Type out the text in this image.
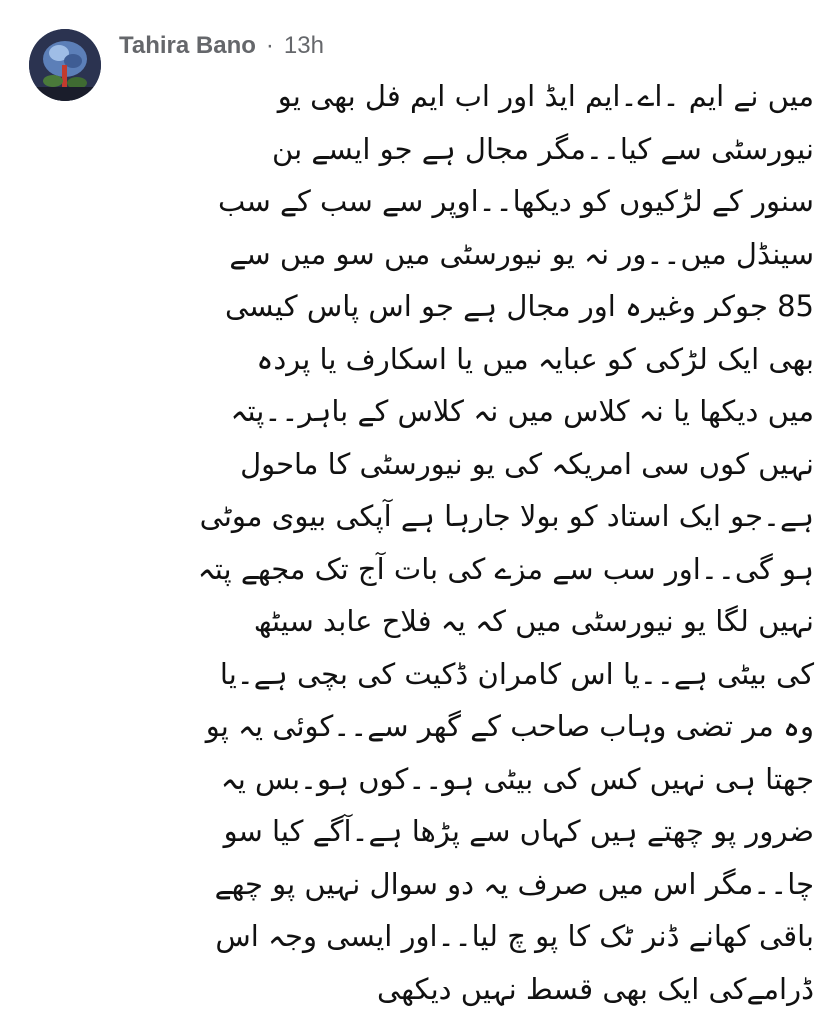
Tahira Bano · 13h
میں نے ایم ۔اے۔ایم ایڈ اور اب ایم فل بھی یو
نیورسٹی سے کیا۔۔مگر مجال ہے جو ایسے بن
سنور کے لڑکیوں کو دیکھا۔۔اوپر سے سب کے سب
سینڈل میں۔۔ور نہ یو نیورسٹی میں سو میں سے
85 جوکر وغیرہ اور مجال ہے جو اس پاس کیسی
بھی ایک لڑکی کو عبایہ میں یا اسکارف یا پردہ
میں دیکھا یا نہ کلاس میں نہ کلاس کے باہر۔۔پتہ
نہیں کوں سی امریکہ کی یو نیورسٹی کا ماحول
ہے۔جو ایک استاد کو بولا جارہا ہے آپکی بیوی موٹی
ہو گی۔۔اور سب سے مزے کی بات آج تک مجھے پتہ
نہیں لگا یو نیورسٹی میں کہ یہ فلاح عابد سیٹھ
کی بیٹی ہے۔۔یا اس کامران ڈکیت کی بچی ہے۔یا
وہ مر تضی وہاب صاحب کے گھر سے۔۔کوئی یہ پو
جھتا ہی نہیں کس کی بیٹی ہو۔۔کوں ہو۔بس یہ
ضرور پو چھتے ہیں کہاں سے پڑھا ہے۔آگے کیا سو
چا۔۔مگر اس میں صرف یہ دو سوال نہیں پو چھے
باقی کھانے ڈنر ٹک کا پو چ لیا۔۔اور ایسی وجہ اس
ڈرامےکی ایک بھی قسط نہیں دیکھی
